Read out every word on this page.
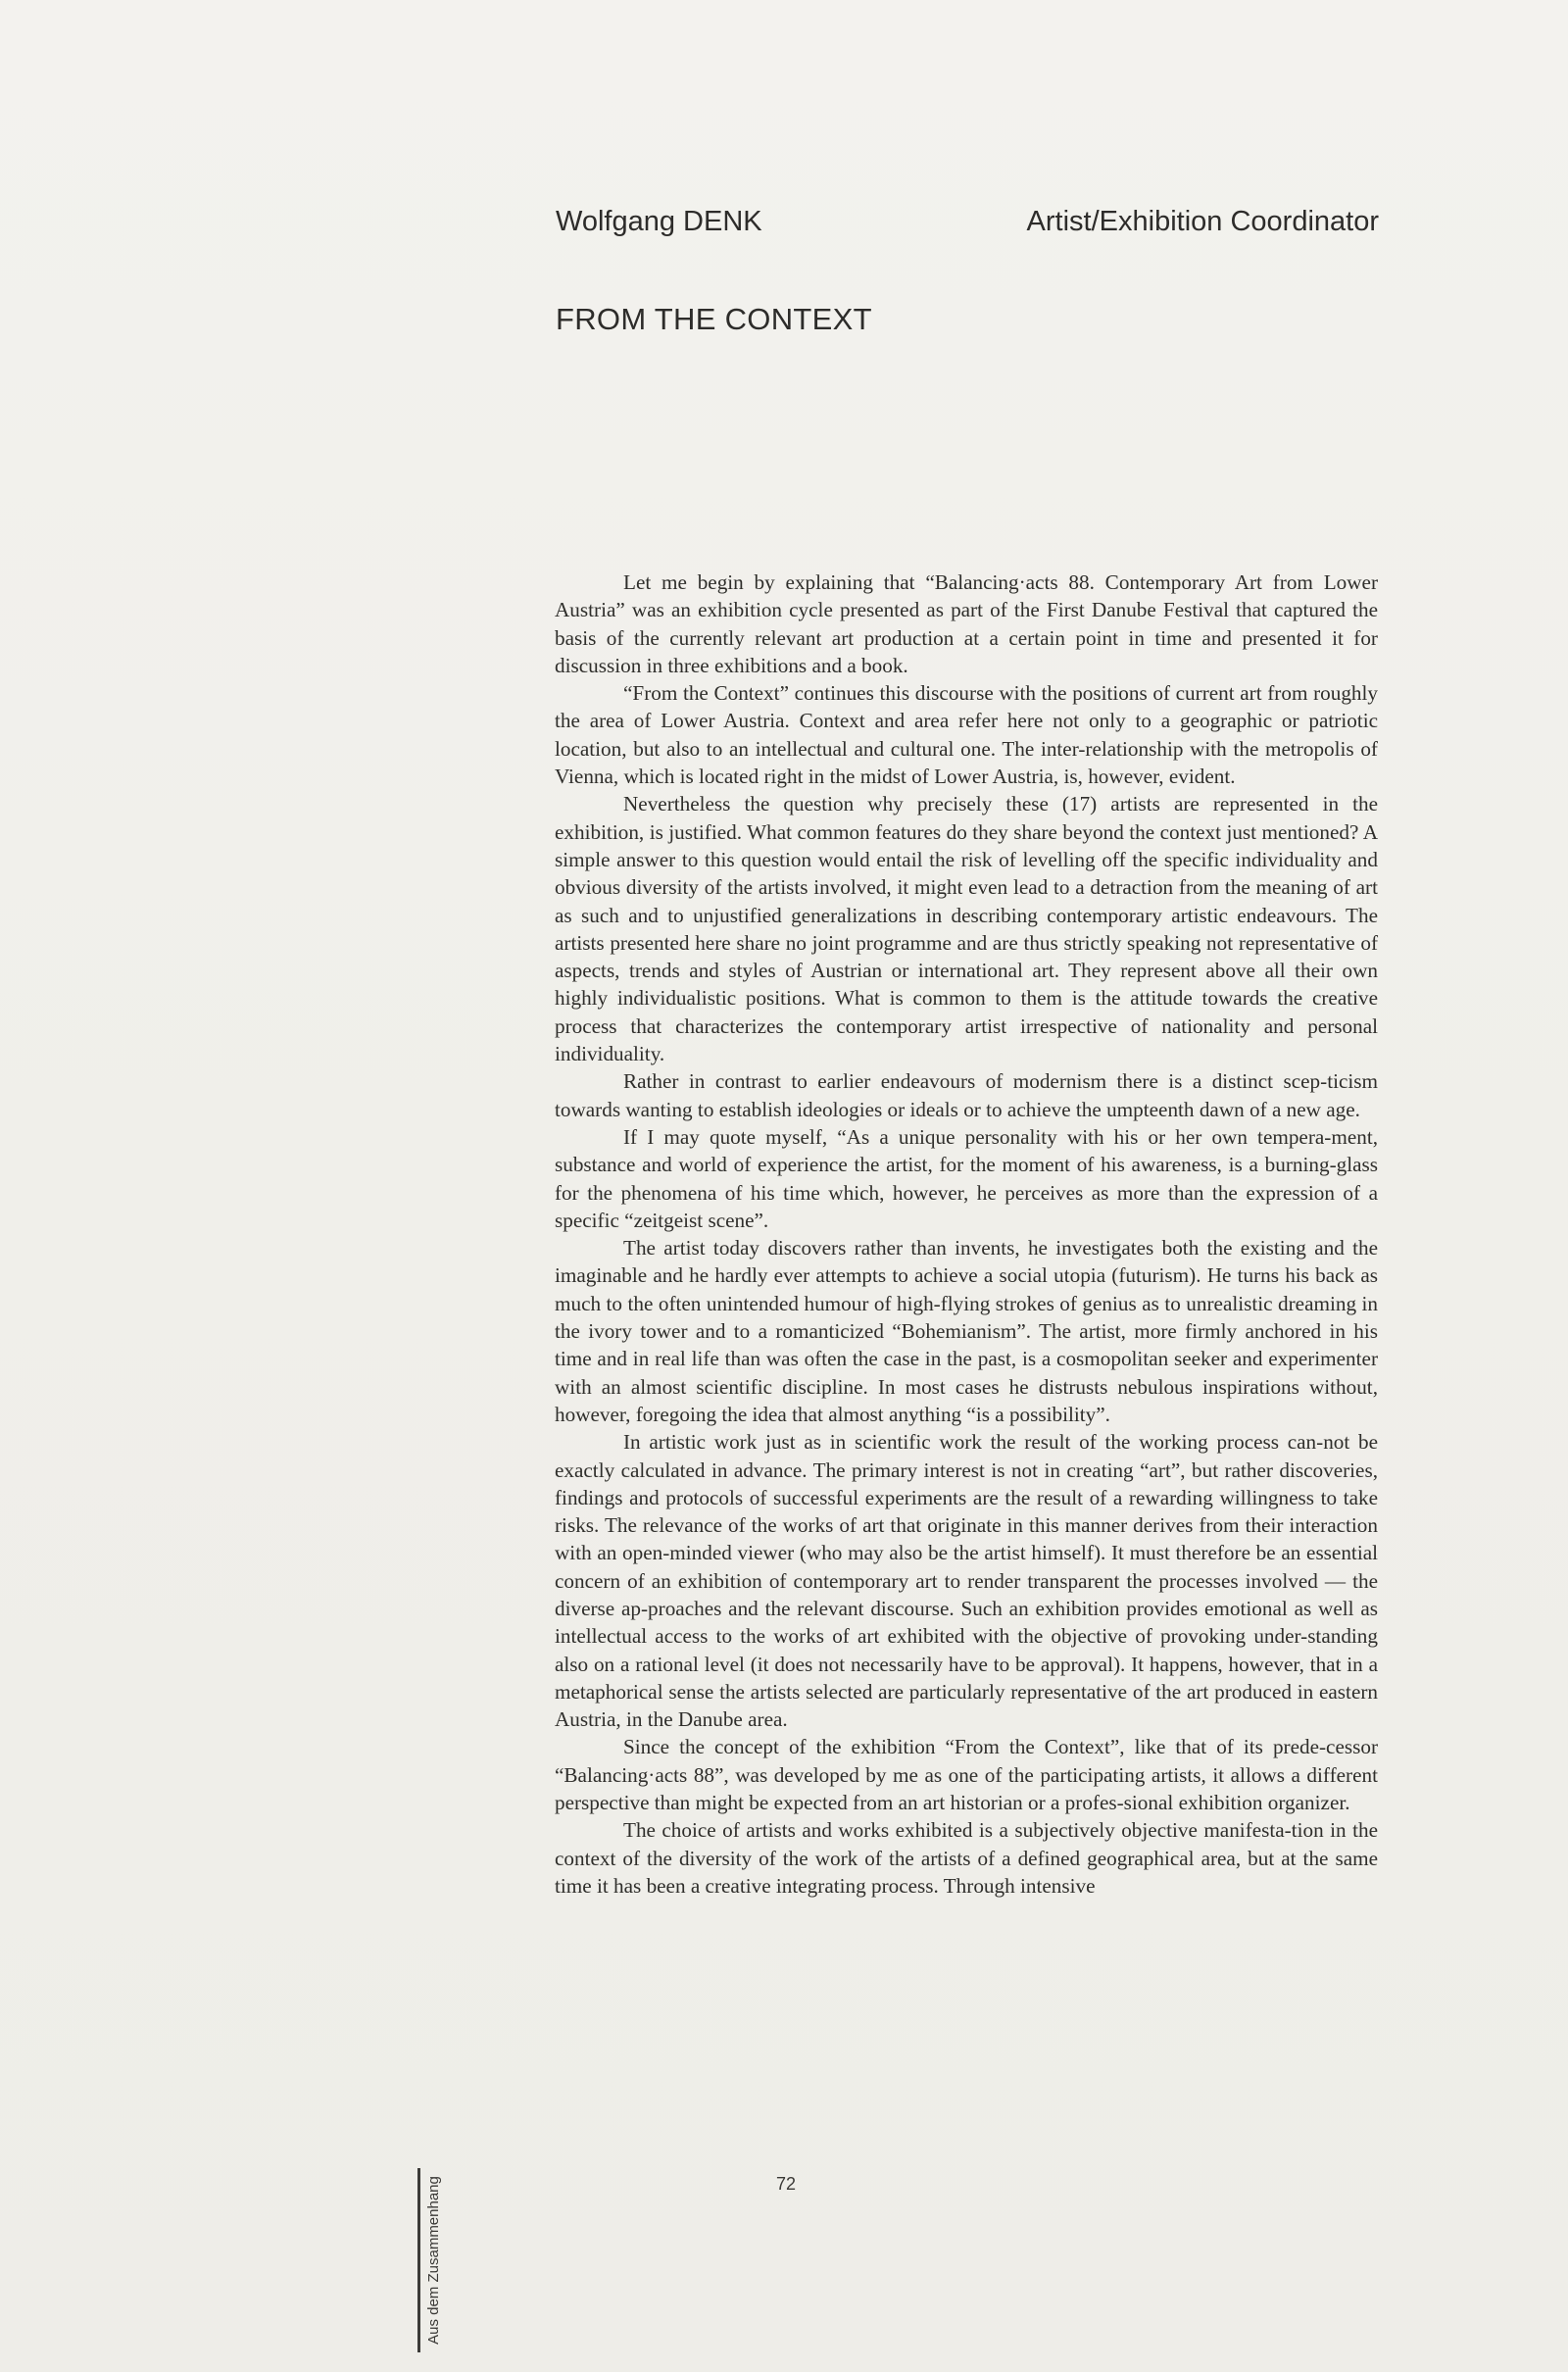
Wolfgang DENK	Artist/Exhibition Coordinator
FROM THE CONTEXT

Let me begin by explaining that “Balancing·acts 88. Contemporary Art from Lower Austria” was an exhibition cycle presented as part of the First Danube Festival that captured the basis of the currently relevant art production at a certain point in time and presented it for discussion in three exhibitions and a book.

“From the Context” continues this discourse with the positions of current art from roughly the area of Lower Austria. Context and area refer here not only to a geographic or patriotic location, but also to an intellectual and cultural one. The inter-relationship with the metropolis of Vienna, which is located right in the midst of Lower Austria, is, however, evident.

Nevertheless the question why precisely these (17) artists are represented in the exhibition, is justified. What common features do they share beyond the context just mentioned? A simple answer to this question would entail the risk of levelling off the specific individuality and obvious diversity of the artists involved, it might even lead to a detraction from the meaning of art as such and to unjustified generalizations in describing contemporary artistic endeavours. The artists presented here share no joint programme and are thus strictly speaking not representative of aspects, trends and styles of Austrian or international art. They represent above all their own highly individualistic positions. What is common to them is the attitude towards the creative process that characterizes the contemporary artist irrespective of nationality and personal individuality.

Rather in contrast to earlier endeavours of modernism there is a distinct scep-ticism towards wanting to establish ideologies or ideals or to achieve the umpteenth dawn of a new age.

If I may quote myself, “As a unique personality with his or her own tempera-ment, substance and world of experience the artist, for the moment of his awareness, is a burning-glass for the phenomena of his time which, however, he perceives as more than the expression of a specific “zeitgeist scene”.

The artist today discovers rather than invents, he investigates both the existing and the imaginable and he hardly ever attempts to achieve a social utopia (futurism). He turns his back as much to the often unintended humour of high-flying strokes of genius as to unrealistic dreaming in the ivory tower and to a romanticized “Bohemianism”. The artist, more firmly anchored in his time and in real life than was often the case in the past, is a cosmopolitan seeker and experimenter with an almost scientific discipline. In most cases he distrusts nebulous inspirations without, however, foregoing the idea that almost anything “is a possibility”.

In artistic work just as in scientific work the result of the working process can-not be exactly calculated in advance. The primary interest is not in creating “art”, but rather discoveries, findings and protocols of successful experiments are the result of a rewarding willingness to take risks. The relevance of the works of art that originate in this manner derives from their interaction with an open-minded viewer (who may also be the artist himself). It must therefore be an essential concern of an exhibition of contemporary art to render transparent the processes involved — the diverse ap-proaches and the relevant discourse. Such an exhibition provides emotional as well as intellectual access to the works of art exhibited with the objective of provoking under-standing also on a rational level (it does not necessarily have to be approval). It happens, however, that in a metaphorical sense the artists selected are particularly representative of the art produced in eastern Austria, in the Danube area.

Since the concept of the exhibition “From the Context”, like that of its prede-cessor “Balancing·acts 88”, was developed by me as one of the participating artists, it allows a different perspective than might be expected from an art historian or a profes-sional exhibition organizer.

The choice of artists and works exhibited is a subjectively objective manifesta-tion in the context of the diversity of the work of the artists of a defined geographical area, but at the same time it has been a creative integrating process. Through intensive

72
Aus dem Zusammenhang
